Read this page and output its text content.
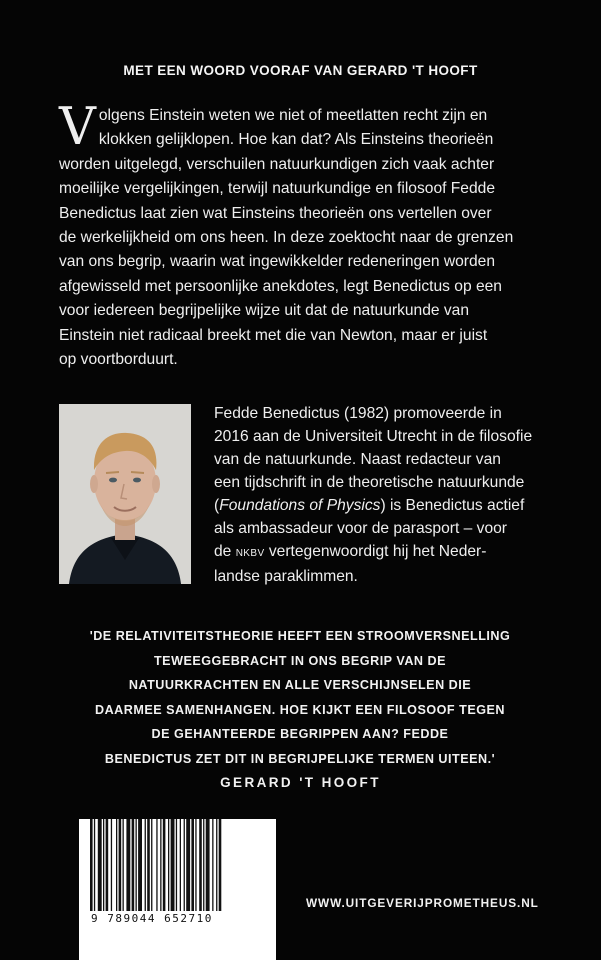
MET EEN WOORD VOORAF VAN GERARD 'T HOOFT
V olgens Einstein weten we niet of meetlatten recht zijn en
klokken gelijklopen. Hoe kan dat? Als Einsteins theorieën
worden uitgelegd, verschuilen natuurkundigen zich vaak achter
moeilijke vergelijkingen, terwijl natuurkundige en filosoof Fedde
Benedictus laat zien wat Einsteins theorieën ons vertellen over
de werkelijkheid om ons heen. In deze zoektocht naar de grenzen
van ons begrip, waarin wat ingewikkelder redeneringen worden
afgewisseld met persoonlijke anekdotes, legt Benedictus op een
voor iedereen begrijpelijke wijze uit dat de natuurkunde van
Einstein niet radicaal breekt met die van Newton, maar er juist
op voortborduurt.
Fedde Benedictus (1982) promoveerde in
2016 aan de Universiteit Utrecht in de filosofie
van de natuurkunde. Naast redacteur van
een tijdschrift in de theoretische natuurkunde
(Foundations of Physics) is Benedictus actief
als ambassadeur voor de parasport – voor
de NKBV vertegenwoordigt hij het Neder-
landse paraklimmen.
'DE RELATIVITEITSTHEORIE HEEFT EEN STROOMVERSNELLING
TEWEEGGEBRACHT IN ONS BEGRIP VAN DE
NATUURKRACHTEN EN ALLE VERSCHIJNSELEN DIE
DAARMEE SAMENHANGEN. HOE KIJKT EEN FILOSOOF TEGEN
DE GEHANTEERDE BEGRIPPEN AAN? FEDDE
BENEDICTUS ZET DIT IN BEGRIJPELIJKE TERMEN UITEEN.'
GERARD 'T HOOFT
9 789044 652710
WWW.UITGEVERIJPROMETHEUS.NL
